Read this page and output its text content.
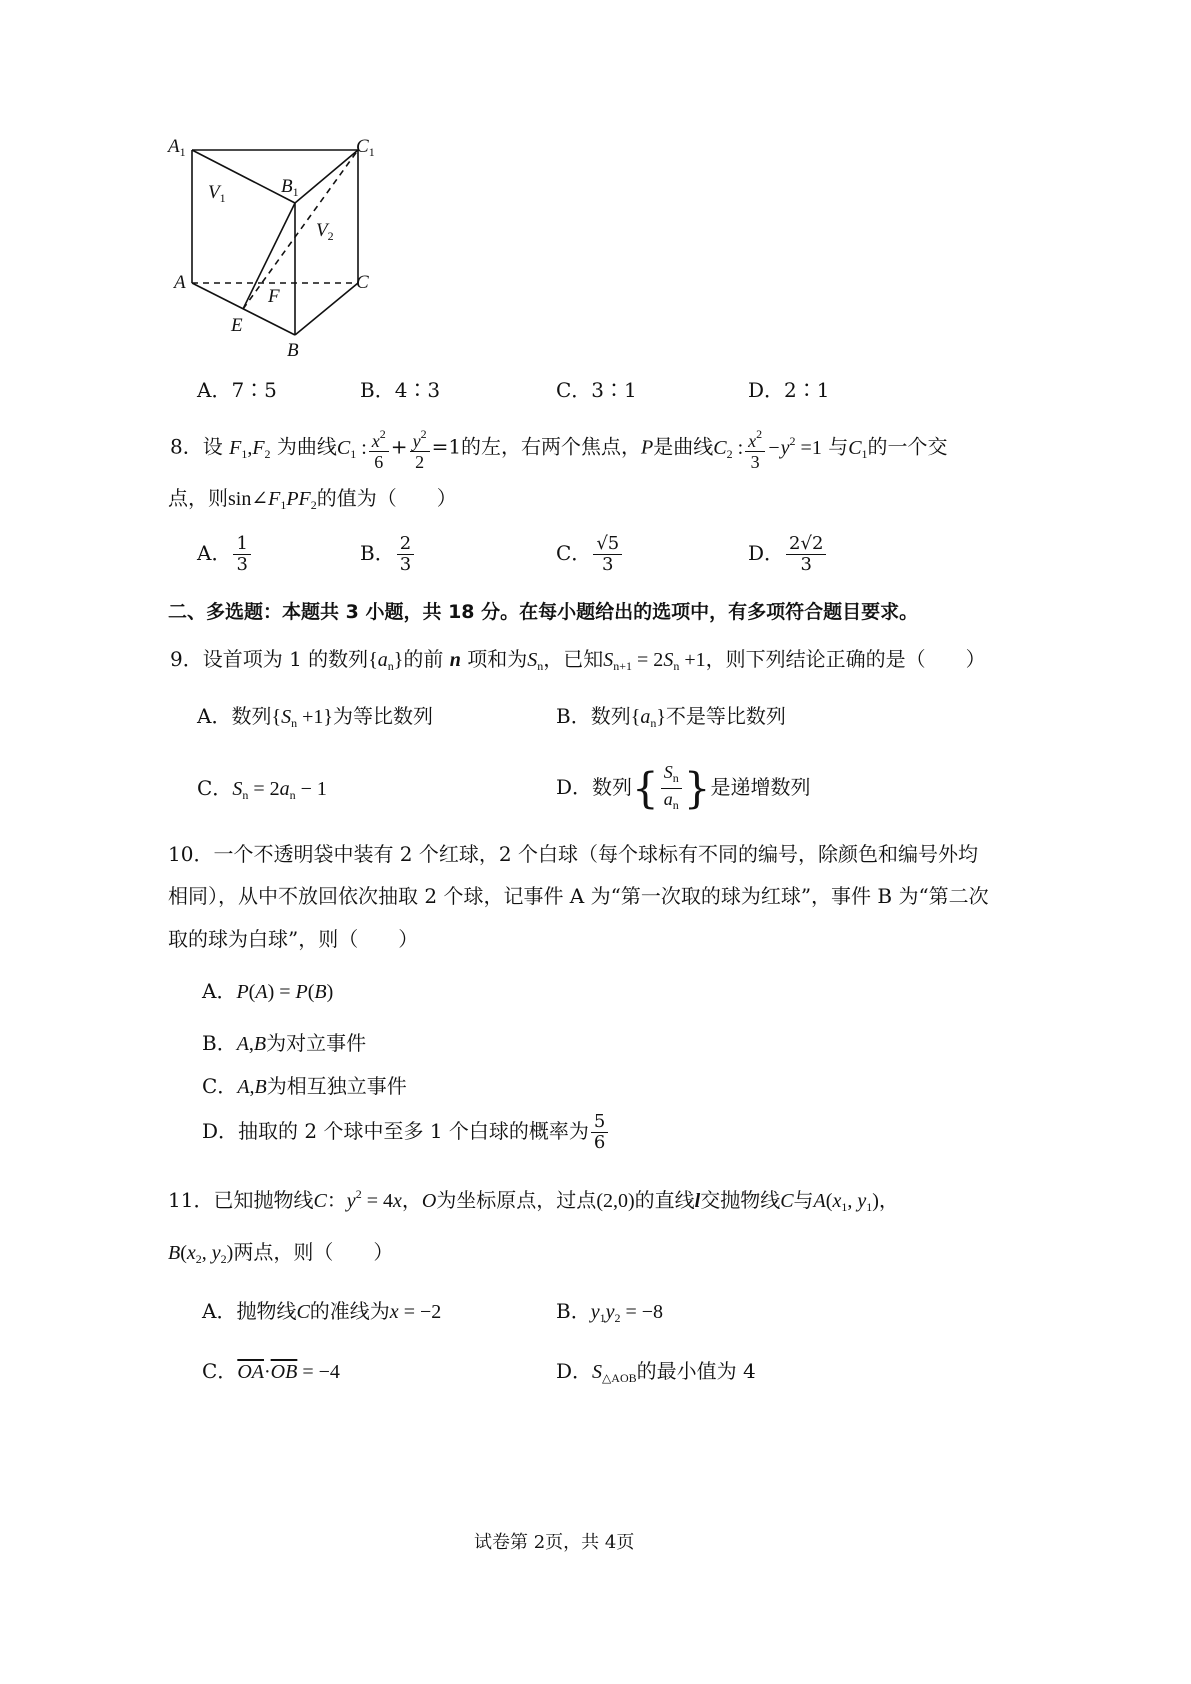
$A_1$	$C_1$
$B_1$
$V_1$
$V_2$
A	C
F
E
B
A．7∶5	B．4∶3	C．3∶1	D．2∶1
8．设 $F_1,F_2$ 为曲线$C_1$ : $\frac{x^2}{6} + \frac{y^2}{2} =1$的左，右两个焦点，P是曲线$C_2$ : $\frac{x^2}{3} -y^2 =1$ 与$C_1$的一个交
点，则$\sin\angle F_1PF_2$的值为（　　）
A． $\frac{1}{3}$	B． $\frac{2}{3}$	C． $\frac{√5}{3}$	D． $\frac{2√2}{3}$
二、多选题：本题共 3 小题，共 18 分。在每小题给出的选项中，有多项符合题目要求。
9．设首项为 1 的数列$\{a_n\}$的前 n 项和为$S_n$，已知$S_{n+1} = 2S_n +1$，则下列结论正确的是（　　）
A．数列$\{S_n +1\}$为等比数列	B．数列$\{a_n\}$不是等比数列
C．$S_n = 2a_n - 1$	D．数列{ $\frac{S_n}{a_n}$ }是递增数列
10．一个不透明袋中装有 2 个红球，2 个白球（每个球标有不同的编号，除颜色和编号外均
相同），从中不放回依次抽取 2 个球，记事件 A 为“第一次取的球为红球”，事件 B 为“第二次
取的球为白球”，则（　　）
A．P(A) = P(B)
B．A,B为对立事件
C．A,B为相互独立事件
D．抽取的 2 个球中至多 1 个白球的概率为 $\frac{5}{6}$
11．已知抛物线C：$y^2 = 4x$，O为坐标原点，过点(2,0)的直线l交抛物线C与$A(x_1$, $y_1$)，
$B(x_2$, $y_2$)两点，则（　　）
A．抛物线C的准线为x = −2	B．$y_1y_2 = -8$
C．$\overline{OA}\cdot\overline{OB} = -4$	D．$S_{\triangle AOB}$的最小值为 4
试卷第 2页，共 4页
